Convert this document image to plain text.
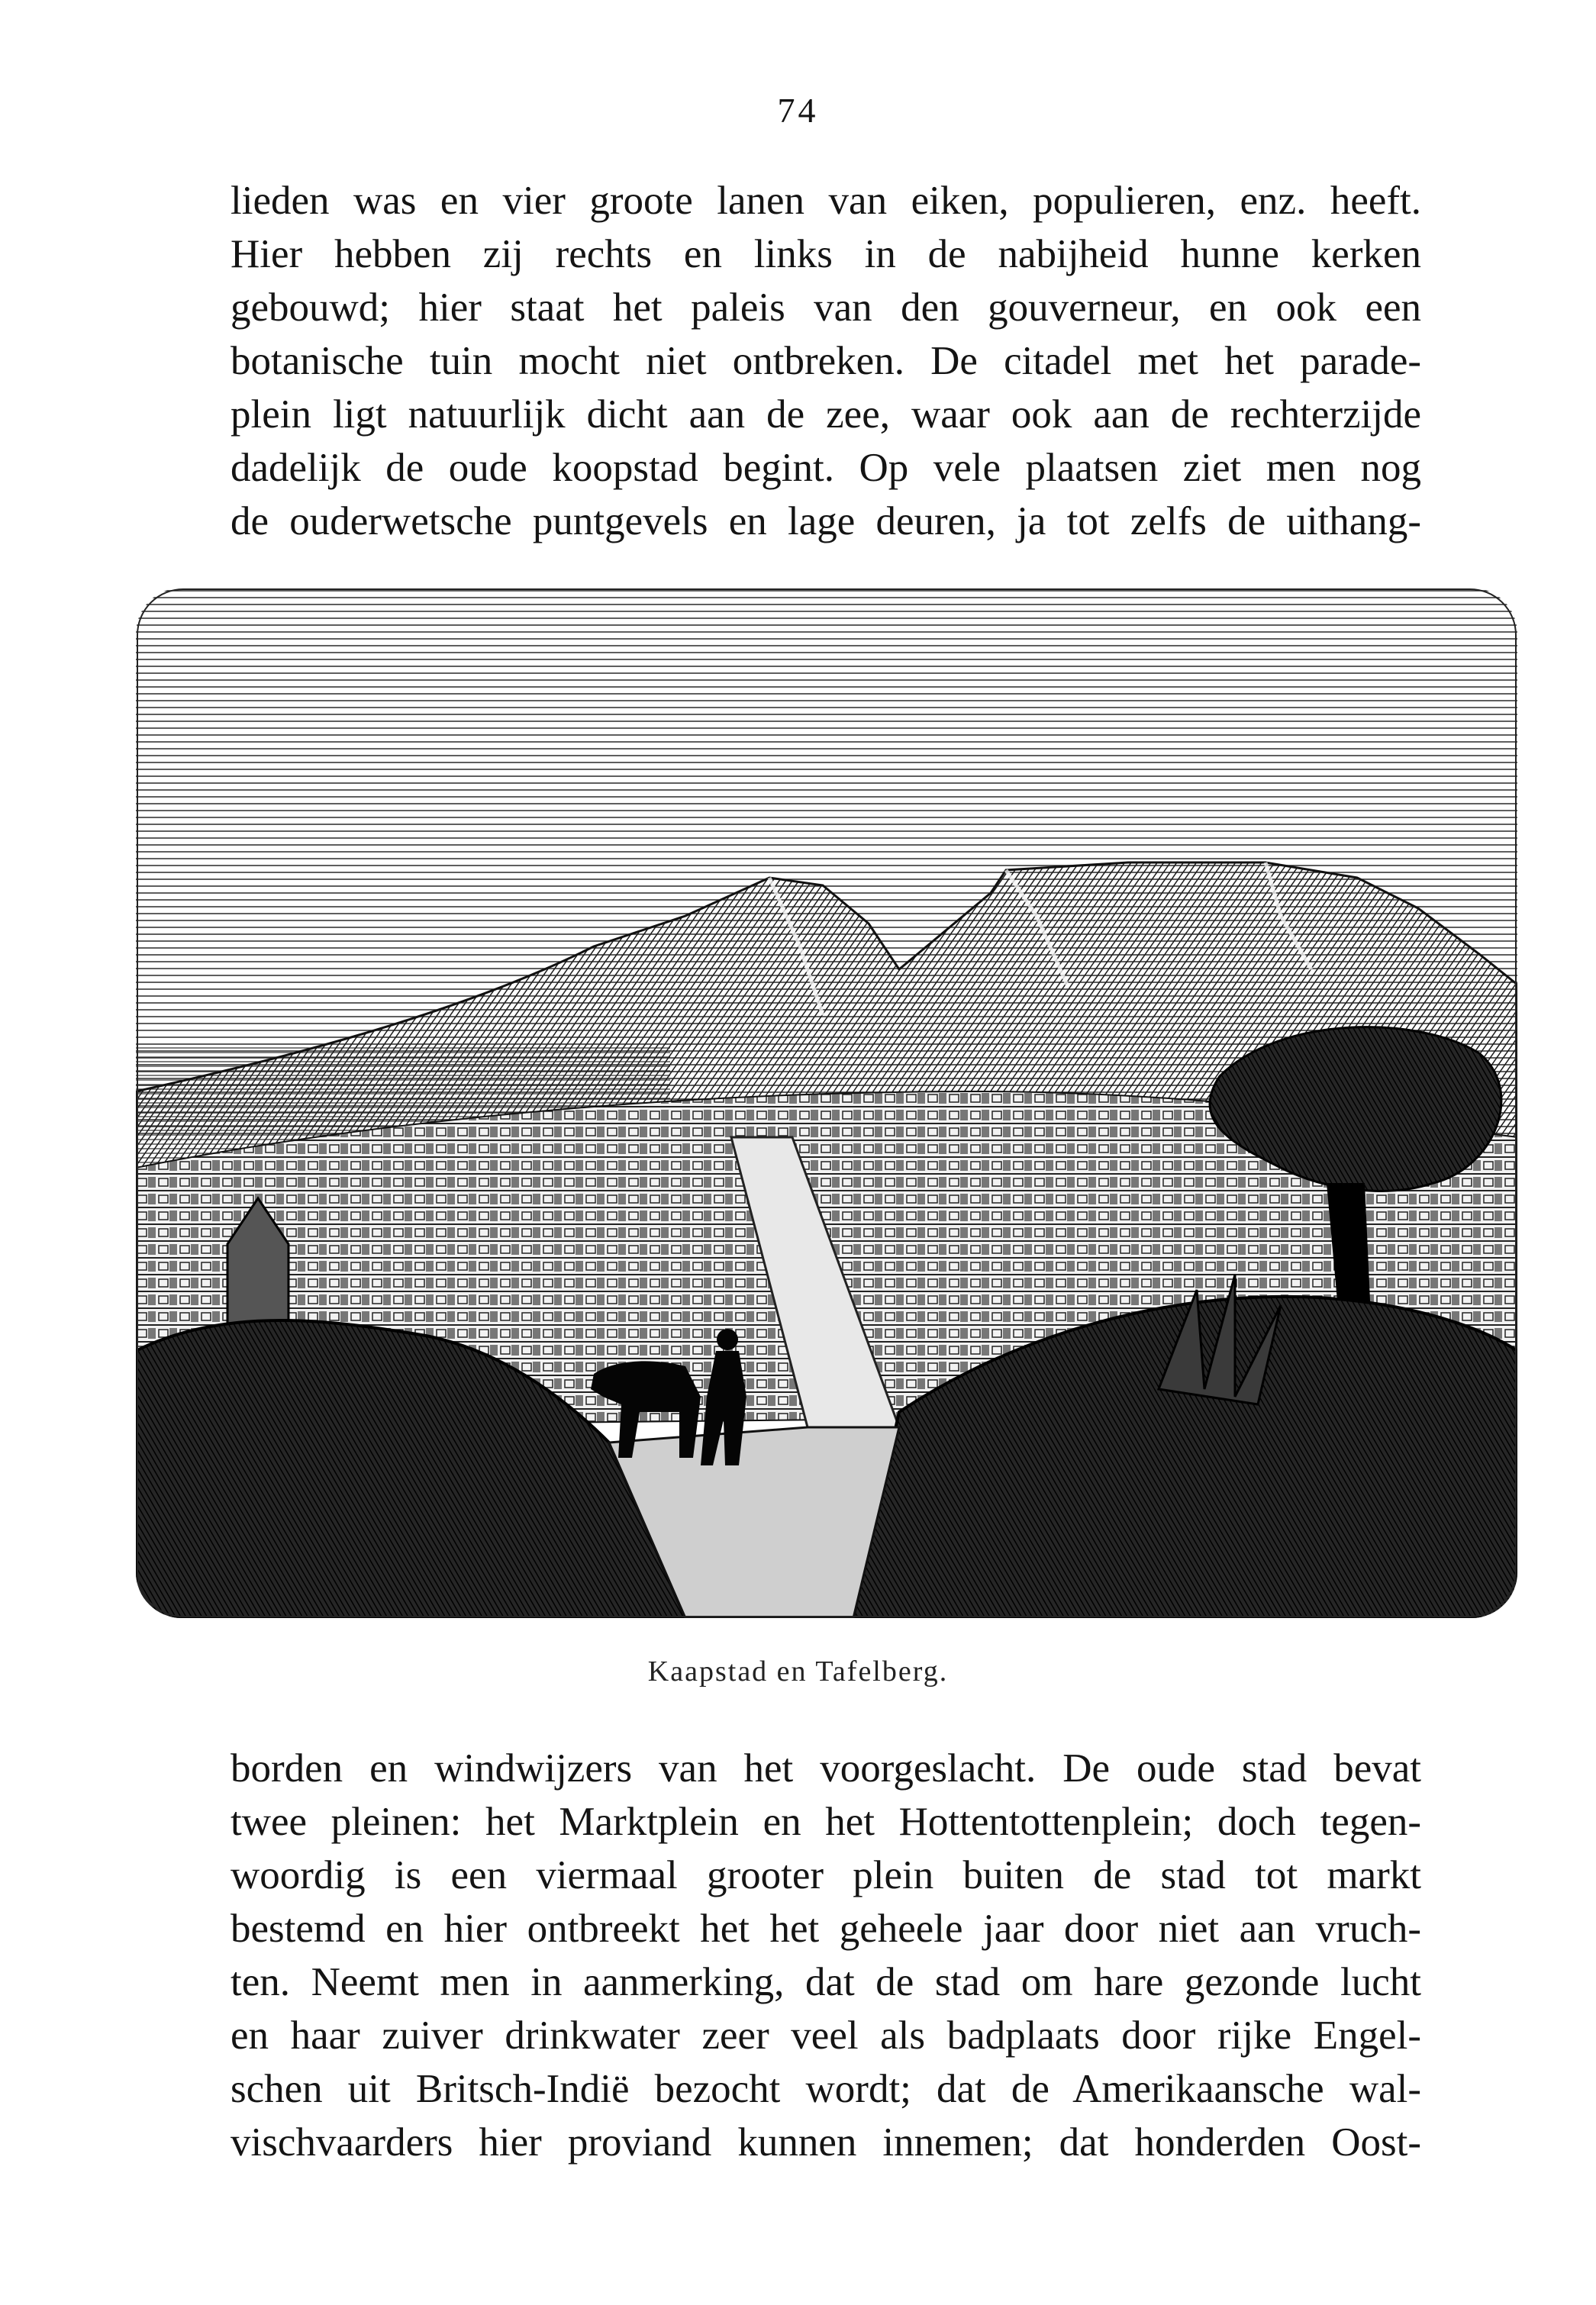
74
lieden was en vier groote lanen van eiken, populieren, enz. heeft.
Hier hebben zij rechts en links in de nabijheid hunne kerken
gebouwd; hier staat het paleis van den gouverneur, en ook een
botanische tuin mocht niet ontbreken. De citadel met het parade-
plein ligt natuurlijk dicht aan de zee, waar ook aan de rechterzijde
dadelijk de oude koopstad begint. Op vele plaatsen ziet men nog
de ouderwetsche puntgevels en lage deuren, ja tot zelfs de uithang-
Kaapstad en Tafelberg.
borden en windwijzers van het voorgeslacht. De oude stad bevat
twee pleinen: het Marktplein en het Hottentottenplein; doch tegen-
woordig is een viermaal grooter plein buiten de stad tot markt
bestemd en hier ontbreekt het het geheele jaar door niet aan vruch-
ten. Neemt men in aanmerking, dat de stad om hare gezonde lucht
en haar zuiver drinkwater zeer veel als badplaats door rijke Engel-
schen uit Britsch-Indië bezocht wordt; dat de Amerikaansche wal-
vischvaarders hier proviand kunnen innemen; dat honderden Oost-
